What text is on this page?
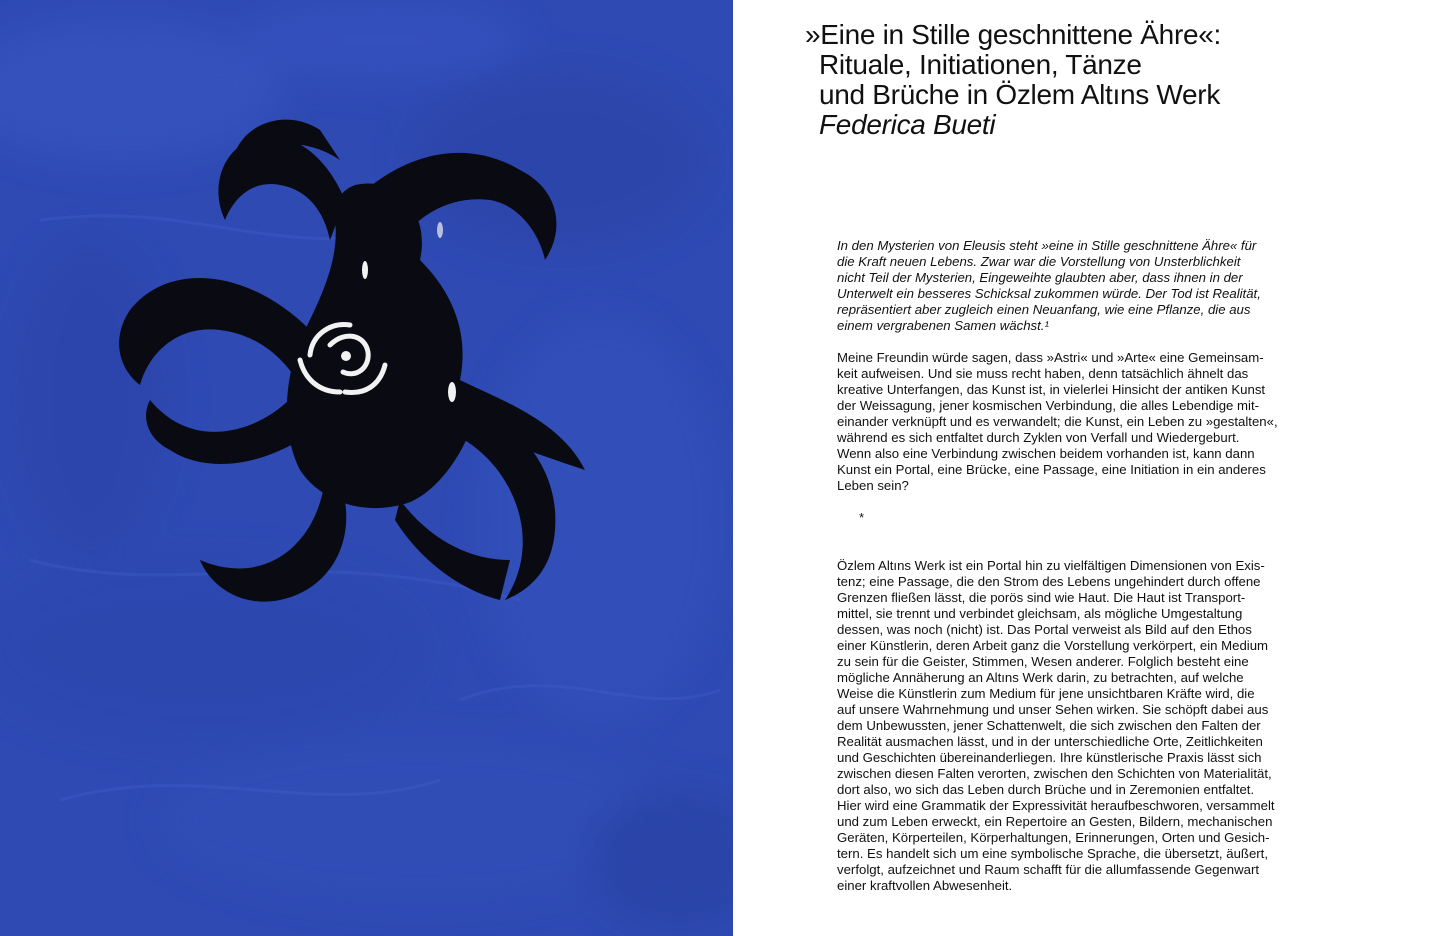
»Eine in Stille geschnittene Ähre«:
Rituale, Initiationen, Tänze
und Brüche in Özlem Altıns Werk
Federica Bueti

In den Mysterien von Eleusis steht »eine in Stille geschnittene Ähre« für
die Kraft neuen Lebens. Zwar war die Vorstellung von Unsterblichkeit
nicht Teil der Mysterien, Eingeweihte glaubten aber, dass ihnen in der
Unterwelt ein besseres Schicksal zukommen würde. Der Tod ist Realität,
repräsentiert aber zugleich einen Neuanfang, wie eine Pflanze, die aus
einem vergrabenen Samen wächst.¹

Meine Freundin würde sagen, dass »Astri« und »Arte« eine Gemeinsam-
keit aufweisen. Und sie muss recht haben, denn tatsächlich ähnelt das
kreative Unterfangen, das Kunst ist, in vielerlei Hinsicht der antiken Kunst
der Weissagung, jener kosmischen Verbindung, die alles Lebendige mit-
einander verknüpft und es verwandelt; die Kunst, ein Leben zu »gestalten«,
während es sich entfaltet durch Zyklen von Verfall und Wiedergeburt.
Wenn also eine Verbindung zwischen beidem vorhanden ist, kann dann
Kunst ein Portal, eine Brücke, eine Passage, eine Initiation in ein anderes
Leben sein?

*

Özlem Altıns Werk ist ein Portal hin zu vielfältigen Dimensionen von Exis-
tenz; eine Passage, die den Strom des Lebens ungehindert durch offene
Grenzen fließen lässt, die porös sind wie Haut. Die Haut ist Transport-
mittel, sie trennt und verbindet gleichsam, als mögliche Umgestaltung
dessen, was noch (nicht) ist. Das Portal verweist als Bild auf den Ethos
einer Künstlerin, deren Arbeit ganz die Vorstellung verkörpert, ein Medium
zu sein für die Geister, Stimmen, Wesen anderer. Folglich besteht eine
mögliche Annäherung an Altıns Werk darin, zu betrachten, auf welche
Weise die Künstlerin zum Medium für jene unsichtbaren Kräfte wird, die
auf unsere Wahrnehmung und unser Sehen wirken. Sie schöpft dabei aus
dem Unbewussten, jener Schattenwelt, die sich zwischen den Falten der
Realität ausmachen lässt, und in der unterschiedliche Orte, Zeitlichkeiten
und Geschichten übereinanderliegen. Ihre künstlerische Praxis lässt sich
zwischen diesen Falten verorten, zwischen den Schichten von Materialität,
dort also, wo sich das Leben durch Brüche und in Zeremonien entfaltet.
Hier wird eine Grammatik der Expressivität heraufbeschworen, versammelt
und zum Leben erweckt, ein Repertoire an Gesten, Bildern, mechanischen
Geräten, Körperteilen, Körperhaltungen, Erinnerungen, Orten und Gesich-
tern. Es handelt sich um eine symbolische Sprache, die übersetzt, äußert,
verfolgt, aufzeichnet und Raum schafft für die allumfassende Gegenwart
einer kraftvollen Abwesenheit.
